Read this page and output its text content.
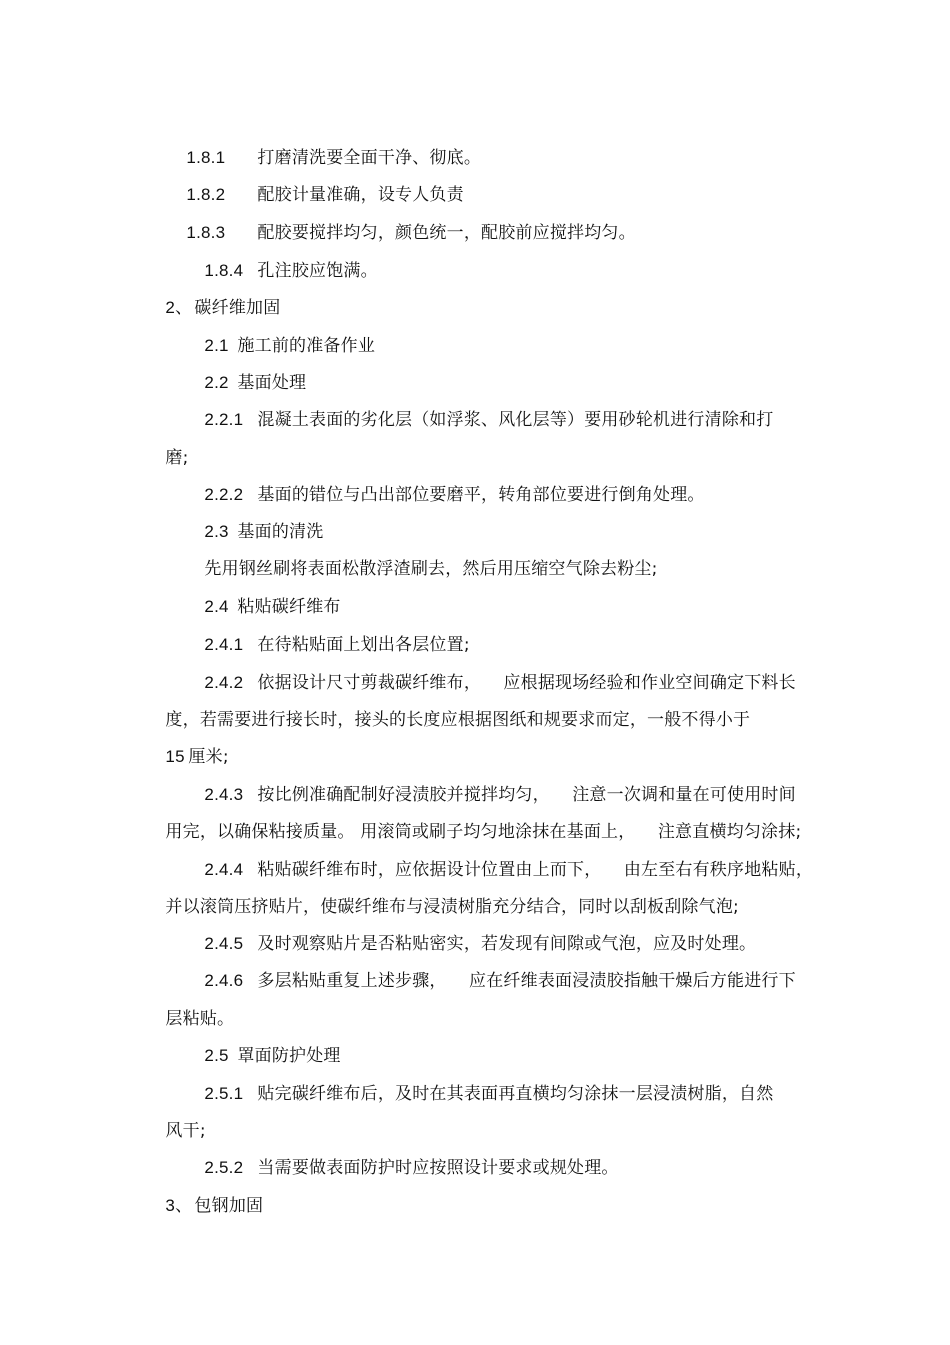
1.8.1 打磨清洗要全面干净、彻底。

1.8.2 配胶计量准确，设专人负责

1.8.3 配胶要搅拌均匀，颜色统一，配胶前应搅拌均匀。

1.8.4 孔注胶应饱满。

2、 碳纤维加固

2.1 施工前的准备作业

2.2 基面处理

2.2.1 混凝土表面的劣化层（如浮浆、风化层等）要用砂轮机进行清除和打

磨;

2.2.2 基面的错位与凸出部位要磨平，转角部位要进行倒角处理。

2.3 基面的清洗

先用钢丝刷将表面松散浮渣刷去，然后用压缩空气除去粉尘;

2.4 粘贴碳纤维布

2.4.1 在待粘贴面上划出各层位置;

2.4.2 依据设计尺寸剪裁碳纤维布，    应根据现场经验和作业空间确定下料长

度，若需要进行接长时，接头的长度应根据图纸和规要求而定，一般不得小于

15 厘米;

2.4.3 按比例准确配制好浸渍胶并搅拌均匀，    注意一次调和量在可使用时间

用完，以确保粘接质量。 用滚筒或刷子均匀地涂抹在基面上，    注意直横均匀涂抹;

2.4.4 粘贴碳纤维布时，应依据设计位置由上而下，    由左至右有秩序地粘贴，

并以滚筒压挤贴片，使碳纤维布与浸渍树脂充分结合，同时以刮板刮除气泡;

2.4.5 及时观察贴片是否粘贴密实，若发现有间隙或气泡，应及时处理。

2.4.6 多层粘贴重复上述步骤，    应在纤维表面浸渍胶指触干燥后方能进行下

层粘贴。

2.5 罩面防护处理

2.5.1 贴完碳纤维布后，及时在其表面再直横均匀涂抹一层浸渍树脂，自然

风干;

2.5.2 当需要做表面防护时应按照设计要求或规处理。

3、 包钢加固
